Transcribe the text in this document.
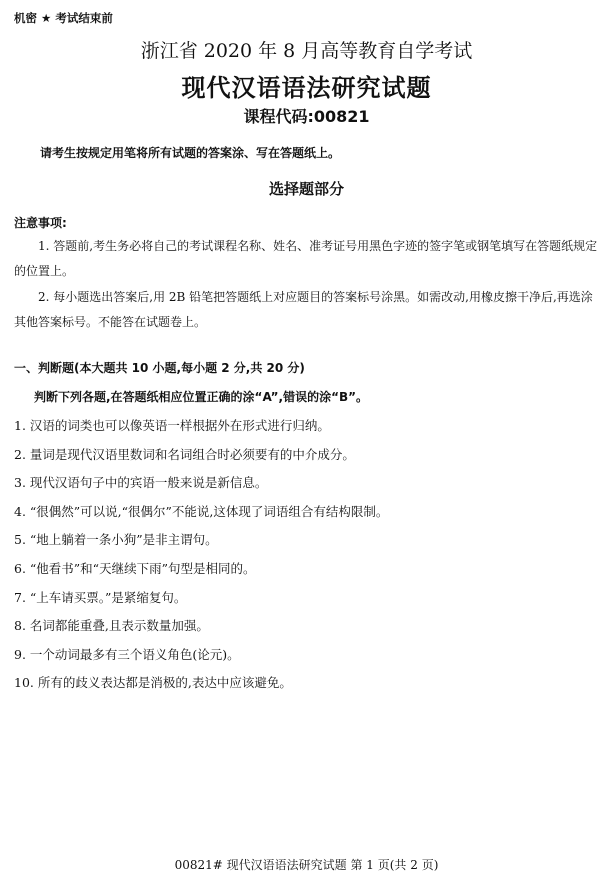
机密 ★ 考试结束前
浙江省 2020 年 8 月高等教育自学考试
现代汉语语法研究试题
课程代码:00821
请考生按规定用笔将所有试题的答案涂、写在答题纸上。
选择题部分
注意事项:
1. 答题前,考生务必将自己的考试课程名称、姓名、准考证号用黑色字迹的签字笔或钢笔填写在答题纸规定的位置上。
2. 每小题选出答案后,用 2B 铅笔把答题纸上对应题目的答案标号涂黑。如需改动,用橡皮擦干净后,再选涂其他答案标号。不能答在试题卷上。
一、判断题(本大题共 10 小题,每小题 2 分,共 20 分)
判断下列各题,在答题纸相应位置正确的涂“A”,错误的涂“B”。
1. 汉语的词类也可以像英语一样根据外在形式进行归纳。
2. 量词是现代汉语里数词和名词组合时必须要有的中介成分。
3. 现代汉语句子中的宾语一般来说是新信息。
4. “很偶然”可以说,“很偶尔”不能说,这体现了词语组合有结构限制。
5. “地上躺着一条小狗”是非主谓句。
6. “他看书”和“天继续下雨”句型是相同的。
7. “上车请买票。”是紧缩复句。
8. 名词都能重叠,且表示数量加强。
9. 一个动词最多有三个语义角色(论元)。
10. 所有的歧义表达都是消极的,表达中应该避免。
00821# 现代汉语语法研究试题 第 1 页(共 2 页)
